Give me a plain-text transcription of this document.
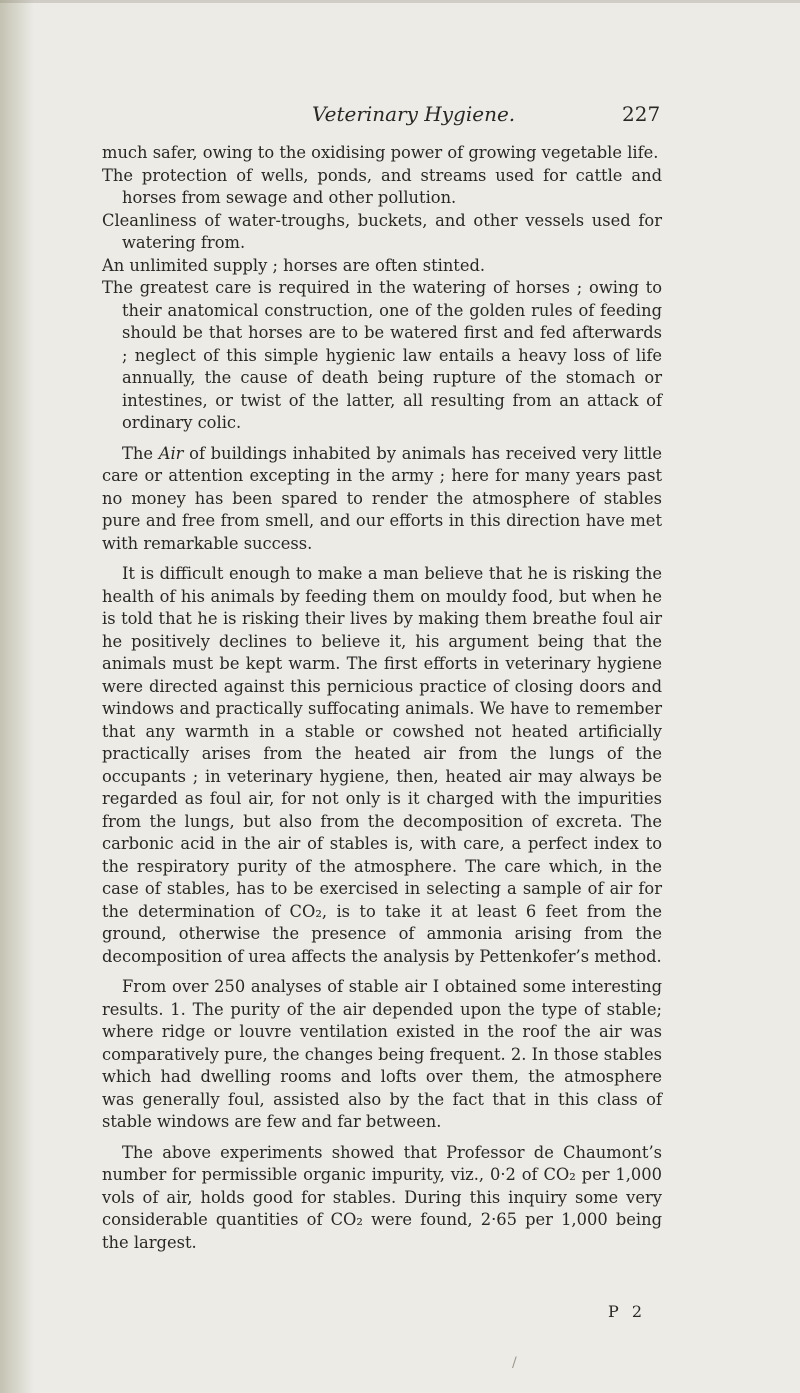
Veterinary Hygiene.	227

much safer, owing to the oxidising power of growing vegetable life.

The protection of wells, ponds, and streams used for cattle and horses from sewage and other pollution.

Cleanliness of water-troughs, buckets, and other vessels used for watering from.

An unlimited supply ; horses are often stinted.

The greatest care is required in the watering of horses ; owing to their anatomical construction, one of the golden rules of feeding should be that horses are to be watered first and fed afterwards ; neglect of this simple hygienic law entails a heavy loss of life annually, the cause of death being rupture of the stomach or intestines, or twist of the latter, all resulting from an attack of ordinary colic.

The Air of buildings inhabited by animals has received very little care or attention excepting in the army ; here for many years past no money has been spared to render the atmosphere of stables pure and free from smell, and our efforts in this direction have met with remarkable success.

It is difficult enough to make a man believe that he is risking the health of his animals by feeding them on mouldy food, but when he is told that he is risking their lives by making them breathe foul air he positively declines to believe it, his argument being that the animals must be kept warm. The first efforts in veterinary hygiene were directed against this pernicious practice of closing doors and windows and practically suffocating animals. We have to remember that any warmth in a stable or cowshed not heated artificially practically arises from the heated air from the lungs of the occupants ; in veterinary hygiene, then, heated air may always be regarded as foul air, for not only is it charged with the impurities from the lungs, but also from the decomposition of excreta. The carbonic acid in the air of stables is, with care, a perfect index to the respiratory purity of the atmosphere. The care which, in the case of stables, has to be exercised in selecting a sample of air for the determination of CO₂, is to take it at least 6 feet from the ground, otherwise the presence of ammonia arising from the decomposition of urea affects the analysis by Pettenkofer’s method.

From over 250 analyses of stable air I obtained some interesting results. 1. The purity of the air depended upon the type of stable; where ridge or louvre ventilation existed in the roof the air was comparatively pure, the changes being frequent. 2. In those stables which had dwelling rooms and lofts over them, the atmosphere was generally foul, assisted also by the fact that in this class of stable windows are few and far between.

The above experiments showed that Professor de Chaumont’s number for permissible organic impurity, viz., 0·2 of CO₂ per 1,000 vols of air, holds good for stables. During this inquiry some very considerable quantities of CO₂ were found, 2·65 per 1,000 being the largest.

P 2
/
